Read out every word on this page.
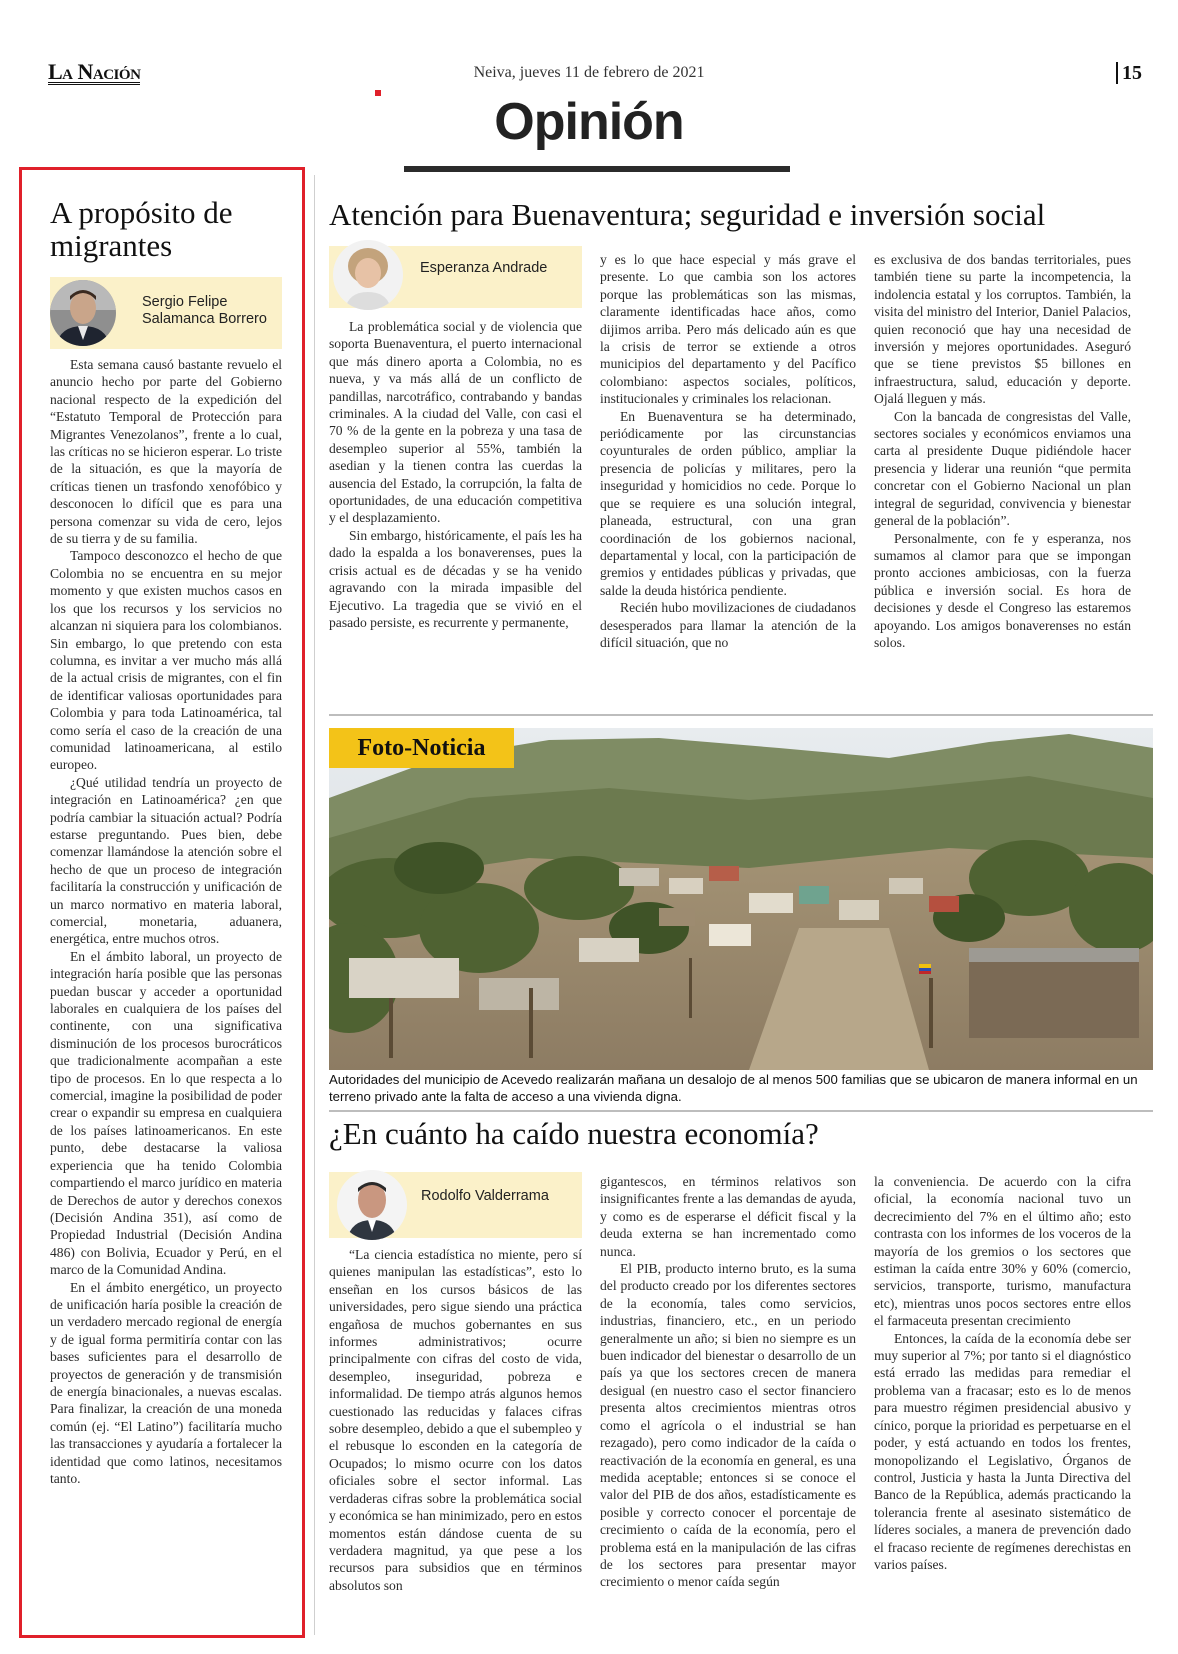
La Nación	Neiva, jueves 11 de febrero de 2021	15
Opinión
A propósito de migrantes
Sergio Felipe Salamanca Borrero

Esta semana causó bastante revuelo el anuncio hecho por parte del Gobierno nacional respecto de la expedición del “Estatuto Temporal de Protección para Migrantes Venezolanos”, frente a lo cual, las críticas no se hicieron esperar. Lo triste de la situación, es que la mayoría de críticas tienen un trasfondo xenofóbico y desconocen lo difícil que es para una persona comenzar su vida de cero, lejos de su tierra y de su familia.

Tampoco desconozco el hecho de que Colombia no se encuentra en su mejor momento y que existen muchos casos en los que los recursos y los servicios no alcanzan ni siquiera para los colombianos. Sin embargo, lo que pretendo con esta columna, es invitar a ver mucho más allá de la actual crisis de migrantes, con el fin de identificar valiosas oportunidades para Colombia y para toda Latinoamérica, tal como sería el caso de la creación de una comunidad latinoamericana, al estilo europeo.

¿Qué utilidad tendría un proyecto de integración en Latinoamérica? ¿en que podría cambiar la situación actual? Podría estarse preguntando. Pues bien, debe comenzar llamándose la atención sobre el hecho de que un proceso de integración facilitaría la construcción y unificación de un marco normativo en materia laboral, comercial, monetaria, aduanera, energética, entre muchos otros.

En el ámbito laboral, un proyecto de integración haría posible que las personas puedan buscar y acceder a oportunidad laborales en cualquiera de los países del continente, con una significativa disminución de los procesos burocráticos que tradicionalmente acompañan a este tipo de procesos. En lo que respecta a lo comercial, imagine la posibilidad de poder crear o expandir su empresa en cualquiera de los países latinoamericanos. En este punto, debe destacarse la valiosa experiencia que ha tenido Colombia compartiendo el marco jurídico en materia de Derechos de autor y derechos conexos (Decisión Andina 351), así como de Propiedad Industrial (Decisión Andina 486) con Bolivia, Ecuador y Perú, en el marco de la Comunidad Andina.

En el ámbito energético, un proyecto de unificación haría posible la creación de un verdadero mercado regional de energía y de igual forma permitiría contar con las bases suficientes para el desarrollo de proyectos de generación y de transmisión de energía binacionales, a nuevas escalas. Para finalizar, la creación de una moneda común (ej. “El Latino”) facilitaría mucho las transacciones y ayudaría a fortalecer la identidad que como latinos, necesitamos tanto.

Atención para Buenaventura; seguridad e inversión social
Esperanza Andrade

La problemática social y de violencia que soporta Buenaventura, el puerto internacional que más dinero aporta a Colombia, no es nueva, y va más allá de un conflicto de pandillas, narcotráfico, contrabando y bandas criminales. A la ciudad del Valle, con casi el 70 % de la gente en la pobreza y una tasa de desempleo superior al 55%, también la asedian y la tienen contra las cuerdas la ausencia del Estado, la corrupción, la falta de oportunidades, de una educación competitiva y el desplazamiento.

Sin embargo, históricamente, el país les ha dado la espalda a los bonaverenses, pues la crisis actual es de décadas y se ha venido agravando con la mirada impasible del Ejecutivo. La tragedia que se vivió en el pasado persiste, es recurrente y permanente,

y es lo que hace especial y más grave el presente. Lo que cambia son los actores porque las problemáticas son las mismas, claramente identificadas hace años, como dijimos arriba. Pero más delicado aún es que la crisis de terror se extiende a otros municipios del departamento y del Pacífico colombiano: aspectos sociales, políticos, institucionales y criminales los relacionan.

En Buenaventura se ha determinado, periódicamente por las circunstancias coyunturales de orden público, ampliar la presencia de policías y militares, pero la inseguridad y homicidios no cede. Porque lo que se requiere es una solución integral, planeada, estructural, con una gran coordinación de los gobiernos nacional, departamental y local, con la participación de gremios y entidades públicas y privadas, que salde la deuda histórica pendiente.

Recién hubo movilizaciones de ciudadanos desesperados para llamar la atención de la difícil situación, que no

es exclusiva de dos bandas territoriales, pues también tiene su parte la incompetencia, la indolencia estatal y los corruptos. También, la visita del ministro del Interior, Daniel Palacios, quien reconoció que hay una necesidad de inversión y mejores oportunidades. Aseguró que se tiene previstos $5 billones en infraestructura, salud, educación y deporte. Ojalá lleguen y más.

Con la bancada de congresistas del Valle, sectores sociales y económicos enviamos una carta al presidente Duque pidiéndole hacer presencia y liderar una reunión “que permita concretar con el Gobierno Nacional un plan integral de seguridad, convivencia y bienestar general de la población”.

Personalmente, con fe y esperanza, nos sumamos al clamor para que se impongan pronto acciones ambiciosas, con la fuerza pública e inversión social. Es hora de decisiones y desde el Congreso las estaremos apoyando. Los amigos bonaverenses no están solos.

Foto-Noticia
Autoridades del municipio de Acevedo realizarán mañana un desalojo de al menos 500 familias que se ubicaron de manera informal en un terreno privado ante la falta de acceso a una vivienda digna.
¿En cuánto ha caído nuestra economía?
Rodolfo Valderrama

“La ciencia estadística no miente, pero sí quienes manipulan las estadísticas”, esto lo enseñan en los cursos básicos de las universidades, pero sigue siendo una práctica engañosa de muchos gobernantes en sus informes administrativos; ocurre principalmente con cifras del costo de vida, desempleo, inseguridad, pobreza e informalidad. De tiempo atrás algunos hemos cuestionado las reducidas y falaces cifras sobre desempleo, debido a que el subempleo y el rebusque lo esconden en la categoría de Ocupados; lo mismo ocurre con los datos oficiales sobre el sector informal. Las verdaderas cifras sobre la problemática social y económica se han minimizado, pero en estos momentos están dándose cuenta de su verdadera magnitud, ya que pese a los recursos para subsidios que en términos absolutos son

gigantescos, en términos relativos son insignificantes frente a las demandas de ayuda, y como es de esperarse el déficit fiscal y la deuda externa se han incrementado como nunca.

El PIB, producto interno bruto, es la suma del producto creado por los diferentes sectores de la economía, tales como servicios, industrias, financiero, etc., en un periodo generalmente un año; si bien no siempre es un buen indicador del bienestar o desarrollo de un país ya que los sectores crecen de manera desigual (en nuestro caso el sector financiero presenta altos crecimientos mientras otros como el agrícola o el industrial se han rezagado), pero como indicador de la caída o reactivación de la economía en general, es una medida aceptable; entonces si se conoce el valor del PIB de dos años, estadísticamente es posible y correcto conocer el porcentaje de crecimiento o caída de la economía, pero el problema está en la manipulación de las cifras de los sectores para presentar mayor crecimiento o menor caída según

la conveniencia. De acuerdo con la cifra oficial, la economía nacional tuvo un decrecimiento del 7% en el último año; esto contrasta con los informes de los voceros de la mayoría de los gremios o los sectores que estiman la caída entre 30% y 60% (comercio, servicios, transporte, turismo, manufactura etc), mientras unos pocos sectores entre ellos el farmaceuta presentan crecimiento

Entonces, la caída de la economía debe ser muy superior al 7%; por tanto si el diagnóstico está errado las medidas para remediar el problema van a fracasar; esto es lo de menos para muestro régimen presidencial abusivo y cínico, porque la prioridad es perpetuarse en el poder, y está actuando en todos los frentes, monopolizando el Legislativo, Órganos de control, Justicia y hasta la Junta Directiva del Banco de la República, además practicando la tolerancia frente al asesinato sistemático de líderes sociales, a manera de prevención dado el fracaso reciente de regímenes derechistas en varios países.
